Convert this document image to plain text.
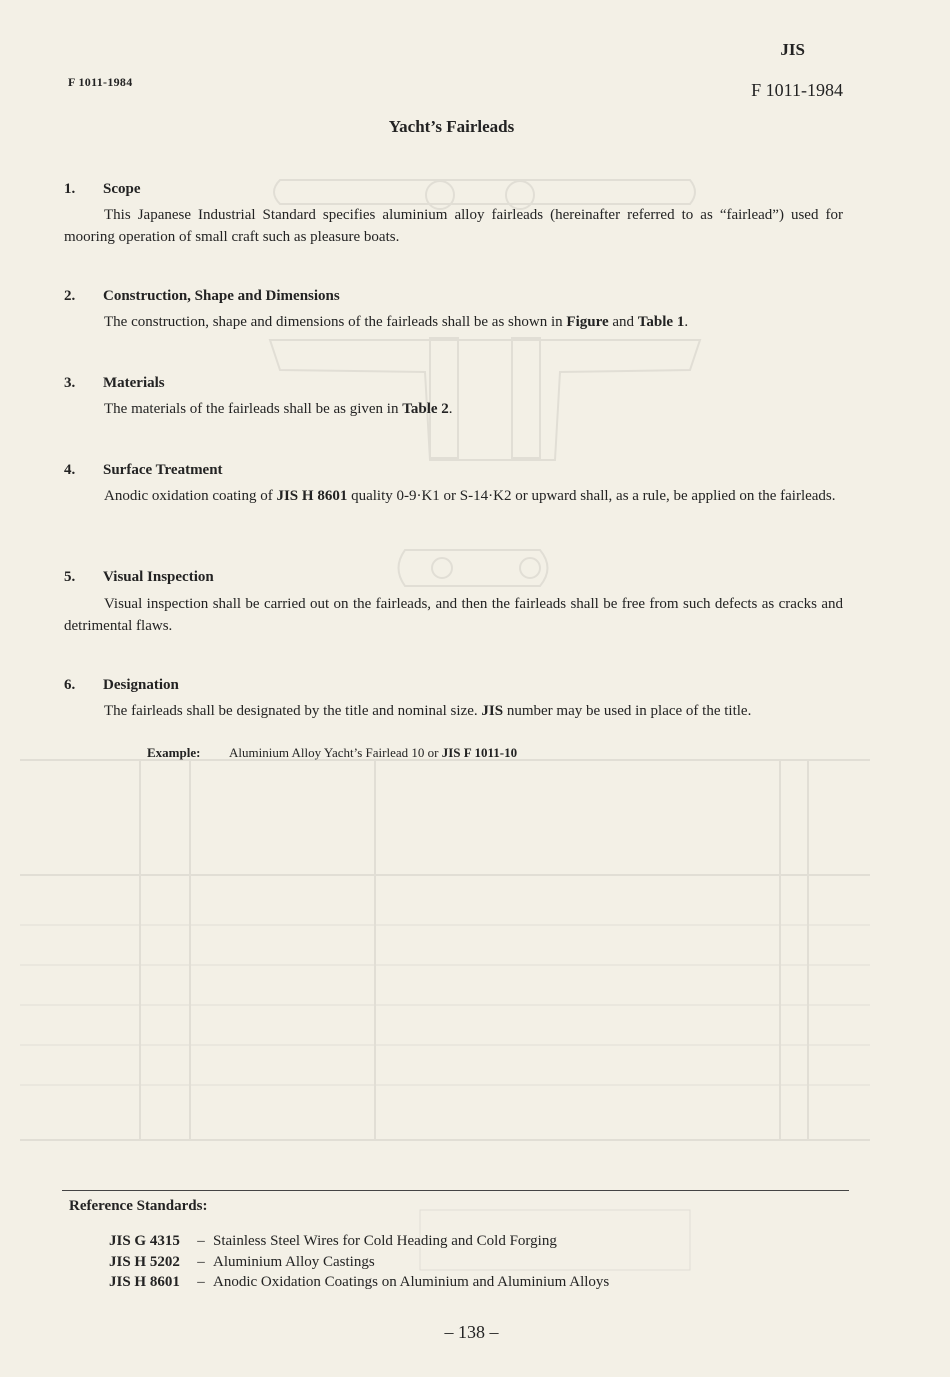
JIS
F 1011-1984	F 1011-1984
Yacht’s Fairleads
1. Scope
This Japanese Industrial Standard specifies aluminium alloy fairleads (hereinafter referred to as “fairlead”) used for mooring operation of small craft such as pleasure boats.
2. Construction, Shape and Dimensions
The construction, shape and dimensions of the fairleads shall be as shown in Figure and Table 1.
3. Materials
The materials of the fairleads shall be as given in Table 2.
4. Surface Treatment
Anodic oxidation coating of JIS H 8601 quality 0-9·K1 or S-14·K2 or upward shall, as a rule, be applied on the fairleads.
5. Visual Inspection
Visual inspection shall be carried out on the fairleads, and then the fairleads shall be free from such defects as cracks and detrimental flaws.
6. Designation
The fairleads shall be designated by the title and nominal size. JIS number may be used in place of the title.
Example: Aluminium Alloy Yacht’s Fairlead 10 or JIS F 1011-10
Reference Standards:
JIS G 4315 – Stainless Steel Wires for Cold Heading and Cold Forging
JIS H 5202 – Aluminium Alloy Castings
JIS H 8601 – Anodic Oxidation Coatings on Aluminium and Aluminium Alloys
– 138 –
